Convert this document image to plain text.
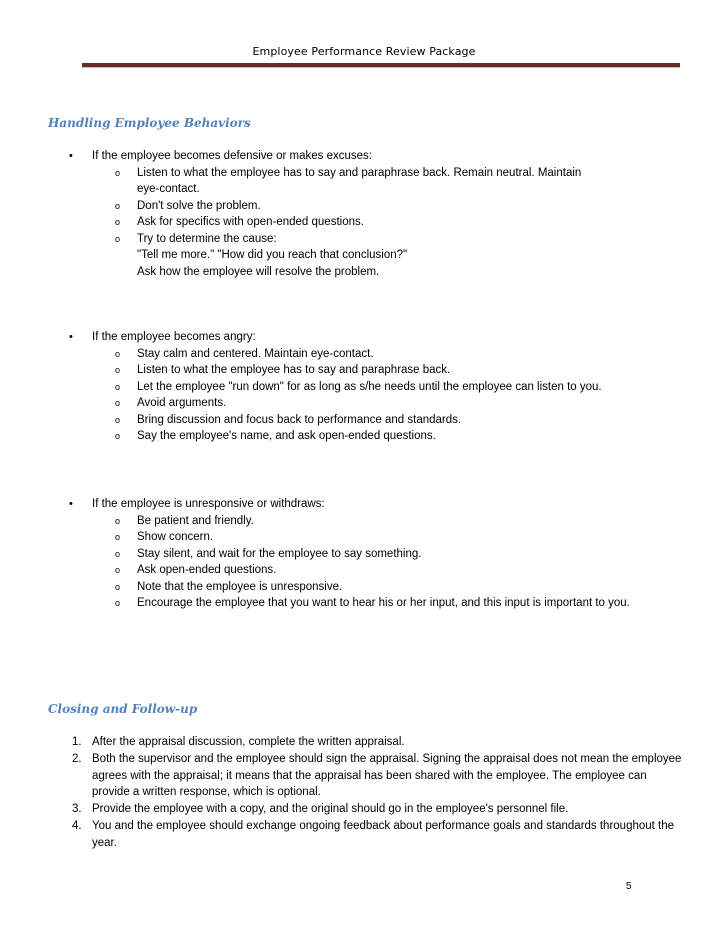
Employee Performance Review Package
Handling Employee Behaviors
• If the employee becomes defensive or makes excuses:
o Listen to what the employee has to say and paraphrase back. Remain neutral. Maintain
eye-contact.
o Don't solve the problem.
o Ask for specifics with open-ended questions.
o Try to determine the cause:
"Tell me more." "How did you reach that conclusion?"
Ask how the employee will resolve the problem.
• If the employee becomes angry:
o Stay calm and centered. Maintain eye-contact.
o Listen to what the employee has to say and paraphrase back.
o Let the employee "run down" for as long as s/he needs until the employee can listen to you.
o Avoid arguments.
o Bring discussion and focus back to performance and standards.
o Say the employee's name, and ask open-ended questions.
• If the employee is unresponsive or withdraws:
o Be patient and friendly.
o Show concern.
o Stay silent, and wait for the employee to say something.
o Ask open-ended questions.
o Note that the employee is unresponsive.
o Encourage the employee that you want to hear his or her input, and this input is important to you.
Closing and Follow-up
1. After the appraisal discussion, complete the written appraisal.
2. Both the supervisor and the employee should sign the appraisal. Signing the appraisal does not mean the employee agrees with the appraisal; it means that the appraisal has been shared with the employee. The employee can provide a written response, which is optional.
3. Provide the employee with a copy, and the original should go in the employee's personnel file.
4. You and the employee should exchange ongoing feedback about performance goals and standards throughout the year.
5
